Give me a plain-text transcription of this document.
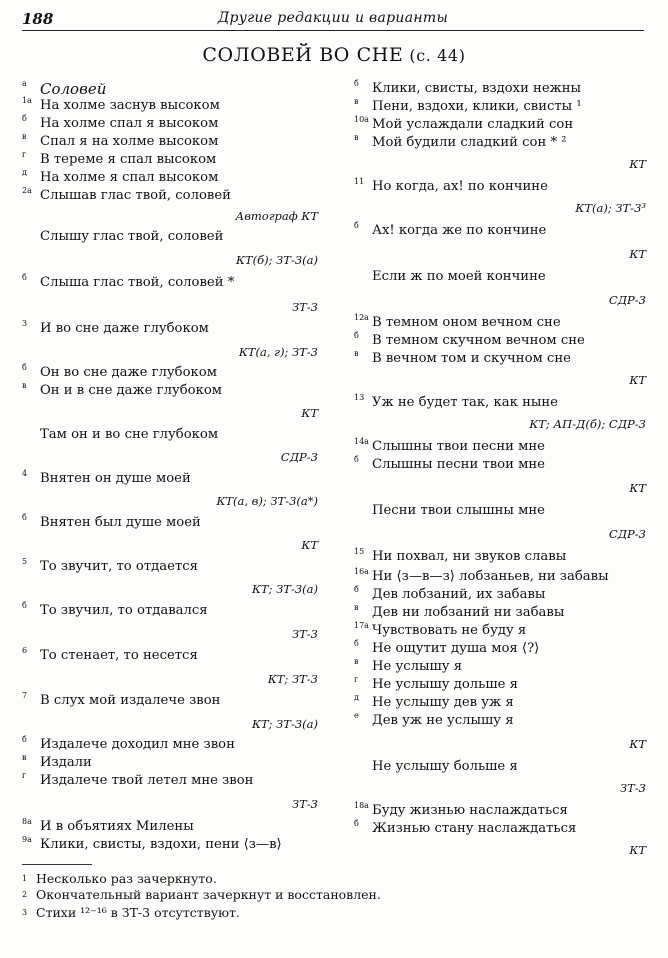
188	Другие редакции и варианты
СОЛОВЕЙ ВО СНЕ (с. 44)
а Соловей
1а На холме заснув высоком
б На холме спал я высоком
в Спал я на холме высоком
г В тереме я спал высоком
д На холме я спал высоком
2а Слышав глас твой, соловей
Автограф КТ
Слышу глас твой, соловей
КТ(б); ЗТ-3(а)
б Слыша глас твой, соловей *
ЗТ-3
3 И во сне даже глубоком
КТ(а, г); ЗТ-3
б Он во сне даже глубоком
в Он и в сне даже глубоком
КТ
Там он и во сне глубоком
СДР-3
4 Внятен он душе моей
КТ(а, в); ЗТ-3(а*)
б Внятен был душе моей
КТ
5 То звучит, то отдается
КТ; ЗТ-3(а)
б То звучил, то отдавался
ЗТ-3
6 То стенает, то несется
КТ; ЗТ-3
7 В слух мой издалече звон
КТ; ЗТ-3(а)
б Издалече доходил мне звон
в Издали
г Издалече твой летел мне звон
ЗТ-3
8а И в объятиях Милены
9а Клики, свисты, вздохи, пени ⟨з—в⟩
б Клики, свисты, вздохи нежны
в Пени, вздохи, клики, свисты ¹
10а Мой услаждали сладкий сон
в Мой будили сладкий сон * ²
КТ
11 Но когда, ах! по кончине
КТ(а); ЗТ-3³
б Ах! когда же по кончине
КТ
Если ж по моей кончине
СДР-3
12а В темном оном вечном сне
б В темном скучном вечном сне
в В вечном том и скучном сне
КТ
13 Уж не будет так, как ныне
КТ; АП-Д(б); СДР-3
14а Слышны твои песни мне
б Слышны песни твои мне
КТ
Песни твои слышны мне
СДР-3
15 Ни похвал, ни звуков славы
16а Ни ⟨з—в—з⟩ лобзаньев, ни забавы
б Дев лобзаний, их забавы
в Дев ни лобзаний ни забавы
17а Чувствовать не буду я
б Не ощутит душа моя ⟨?⟩
в Не услышу я
г Не услышу дольше я
д Не услышу дев уж я
е Дев уж не услышу я
КТ
Не услышу больше я
ЗТ-3
18а Буду жизнью наслаждаться
б Жизнью стану наслаждаться
КТ
1 Несколько раз зачеркнуто.
2 Окончательный вариант зачеркнут и восстановлен.
3 Стихи ¹²⁻¹⁶ в ЗТ-3 отсутствуют.
